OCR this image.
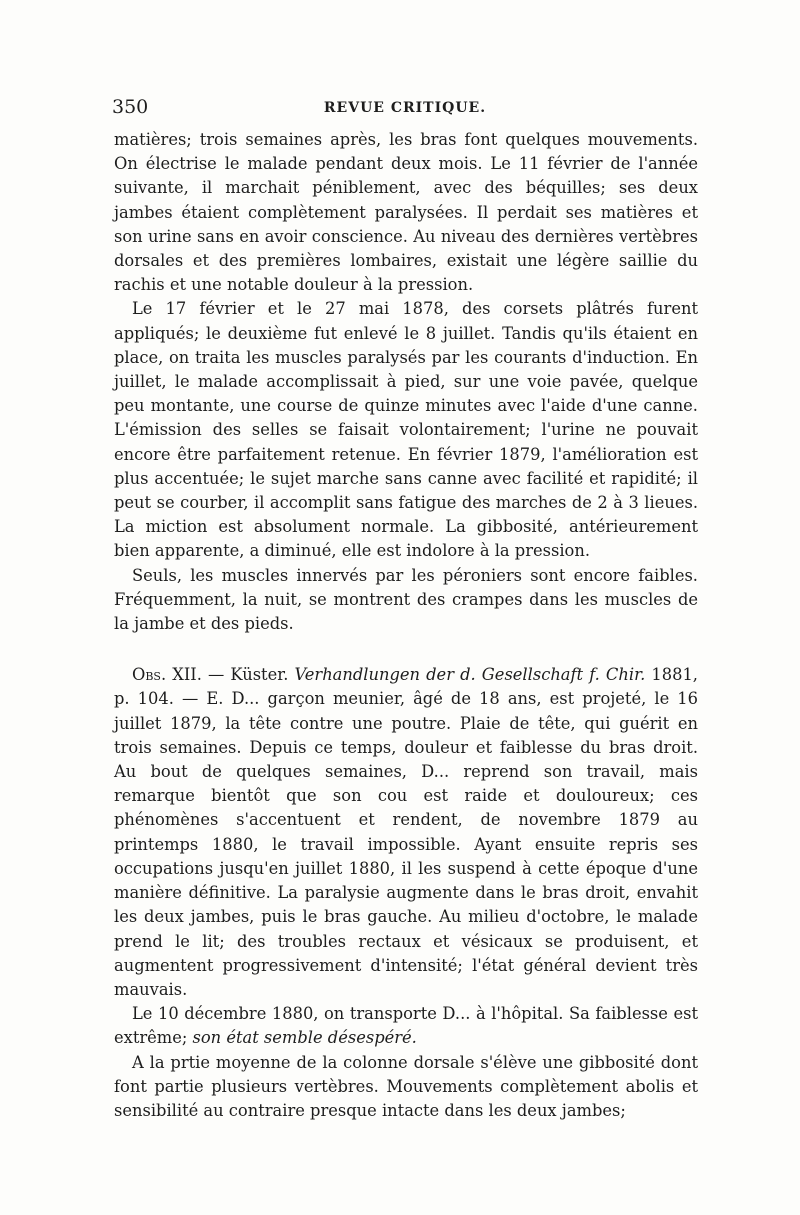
350	REVUE CRITIQUE.

matières; trois semaines après, les bras font quelques mouvements. On électrise le malade pendant deux mois. Le 11 février de l'année suivante, il marchait péniblement, avec des béquilles; ses deux jambes étaient complètement paralysées. Il perdait ses matières et son urine sans en avoir conscience. Au niveau des dernières vertèbres dorsales et des premières lombaires, existait une légère saillie du rachis et une notable douleur à la pression.

Le 17 février et le 27 mai 1878, des corsets plâtrés furent appliqués; le deuxième fut enlevé le 8 juillet. Tandis qu'ils étaient en place, on traita les muscles paralysés par les courants d'induction. En juillet, le malade accomplissait à pied, sur une voie pavée, quelque peu montante, une course de quinze minutes avec l'aide d'une canne. L'émission des selles se faisait volontairement; l'urine ne pouvait encore être parfaitement retenue. En février 1879, l'amélioration est plus accentuée; le sujet marche sans canne avec facilité et rapidité; il peut se courber, il accomplit sans fatigue des marches de 2 à 3 lieues. La miction est absolument normale. La gibbosité, antérieurement bien apparente, a diminué, elle est indolore à la pression.

Seuls, les muscles innervés par les péroniers sont encore faibles. Fréquemment, la nuit, se montrent des crampes dans les muscles de la jambe et des pieds.

Obs. XII. — Küster. Verhandlungen der d. Gesellschaft f. Chir. 1881, p. 104. — E. D... garçon meunier, âgé de 18 ans, est projeté, le 16 juillet 1879, la tête contre une poutre. Plaie de tête, qui guérit en trois semaines. Depuis ce temps, douleur et faiblesse du bras droit. Au bout de quelques semaines, D... reprend son travail, mais remarque bientôt que son cou est raide et douloureux; ces phénomènes s'accentuent et rendent, de novembre 1879 au printemps 1880, le travail impossible. Ayant ensuite repris ses occupations jusqu'en juillet 1880, il les suspend à cette époque d'une manière définitive. La paralysie augmente dans le bras droit, envahit les deux jambes, puis le bras gauche. Au milieu d'octobre, le malade prend le lit; des troubles rectaux et vésicaux se produisent, et augmentent progressivement d'intensité; l'état général devient très mauvais.

Le 10 décembre 1880, on transporte D... à l'hôpital. Sa faiblesse est extrême; son état semble désespéré.

A la prtie moyenne de la colonne dorsale s'élève une gibbosité dont font partie plusieurs vertèbres. Mouvements complètement abolis et sensibilité au contraire presque intacte dans les deux jambes;
